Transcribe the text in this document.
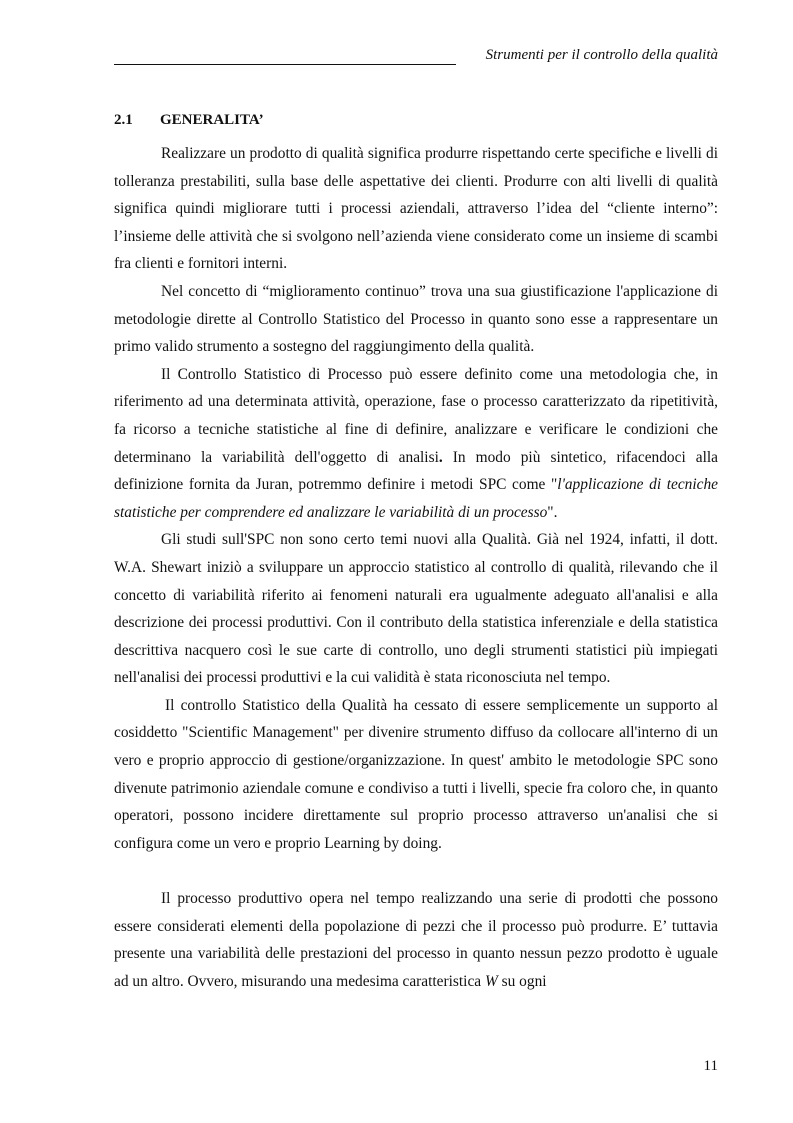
Strumenti per il controllo della qualità
2.1 GENERALITA’

Realizzare un prodotto di qualità significa produrre rispettando certe specifiche e livelli di tolleranza prestabiliti, sulla base delle aspettative dei clienti. Produrre con alti livelli di qualità significa quindi migliorare tutti i processi aziendali, attraverso l’idea del “cliente interno”: l’insieme delle attività che si svolgono nell’azienda viene considerato come un insieme di scambi fra clienti e fornitori interni.

Nel concetto di “miglioramento continuo” trova una sua giustificazione l'applicazione di metodologie dirette al Controllo Statistico del Processo in quanto sono esse a rappresentare un primo valido strumento a sostegno del raggiungimento della qualità.

Il Controllo Statistico di Processo può essere definito come una metodologia che, in riferimento ad una determinata attività, operazione, fase o processo caratterizzato da ripetitività, fa ricorso a tecniche statistiche al fine di definire, analizzare e verificare le condizioni che determinano la variabilità dell'oggetto di analisi. In modo più sintetico, rifacendoci alla definizione fornita da Juran, potremmo definire i metodi SPC come "l'applicazione di tecniche statistiche per comprendere ed analizzare le variabilità di un processo".

Gli studi sull'SPC non sono certo temi nuovi alla Qualità. Già nel 1924, infatti, il dott. W.A. Shewart iniziò a sviluppare un approccio statistico al controllo di qualità, rilevando che il concetto di variabilità riferito ai fenomeni naturali era ugualmente adeguato all'analisi e alla descrizione dei processi produttivi. Con il contributo della statistica inferenziale e della statistica descrittiva nacquero così le sue carte di controllo, uno degli strumenti statistici più impiegati nell'analisi dei processi produttivi e la cui validità è stata riconosciuta nel tempo.

Il controllo Statistico della Qualità ha cessato di essere semplicemente un supporto al cosiddetto "Scientific Management" per divenire strumento diffuso da collocare all'interno di un vero e proprio approccio di gestione/organizzazione. In quest' ambito le metodologie SPC sono divenute patrimonio aziendale comune e condiviso a tutti i livelli, specie fra coloro che, in quanto operatori, possono incidere direttamente sul proprio processo attraverso un'analisi che si configura come un vero e proprio Learning by doing.

Il processo produttivo opera nel tempo realizzando una serie di prodotti che possono essere considerati elementi della popolazione di pezzi che il processo può produrre. E’ tuttavia presente una variabilità delle prestazioni del processo in quanto nessun pezzo prodotto è uguale ad un altro. Ovvero, misurando una medesima caratteristica W su ogni

11
